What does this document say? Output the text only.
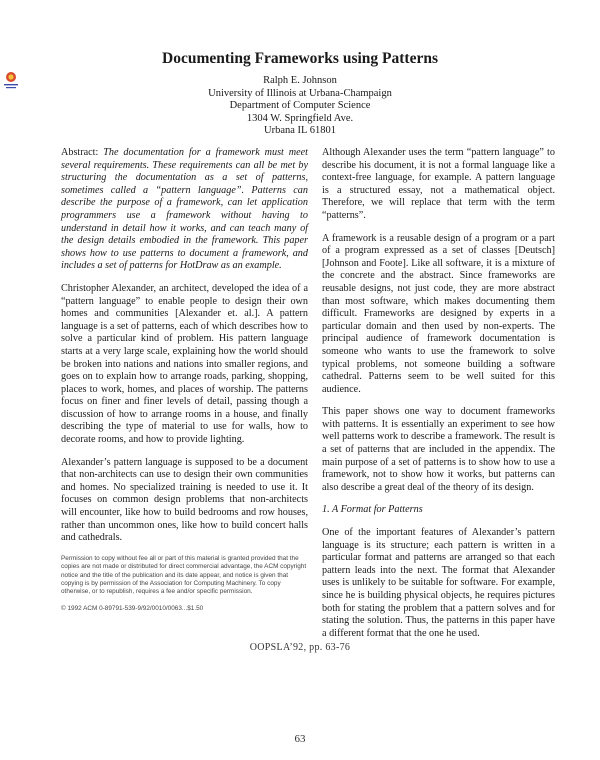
Documenting Frameworks using Patterns
Ralph E. Johnson
University of Illinois at Urbana-Champaign
Department of Computer Science
1304 W. Springfield Ave.
Urbana IL 61801

Abstract: The documentation for a framework must meet several requirements. These requirements can all be met by structuring the documentation as a set of patterns, sometimes called a “pattern language”. Patterns can describe the purpose of a framework, can let application programmers use a framework without having to understand in detail how it works, and can teach many of the design details embodied in the framework. This paper shows how to use patterns to document a framework, and includes a set of patterns for HotDraw as an example.

Christopher Alexander, an architect, developed the idea of a “pattern language” to enable people to design their own homes and communities [Alexander et. al.]. A pattern language is a set of patterns, each of which describes how to solve a particular kind of problem. His pattern language starts at a very large scale, explaining how the world should be broken into nations and nations into smaller regions, and goes on to explain how to arrange roads, parking, shopping, places to work, homes, and places of worship. The patterns focus on finer and finer levels of detail, passing though a discussion of how to arrange rooms in a house, and finally describing the type of material to use for walls, how to decorate rooms, and how to provide lighting.

Alexander’s pattern language is supposed to be a document that non-architects can use to design their own communities and homes. No specialized training is needed to use it. It focuses on common design problems that non-architects will encounter, like how to build bedrooms and row houses, rather than uncommon ones, like how to build concert halls and cathedrals.

Permission to copy without fee all or part of this material is granted provided that the copies are not made or distributed for direct commercial advantage, the ACM copyright notice and the title of the publication and its date appear, and notice is given that copying is by permission of the Association for Computing Machinery. To copy otherwise, or to republish, requires a fee and/or specific permission.
© 1992 ACM 0-89791-539-9/92/0010/0063...$1.50

Although Alexander uses the term “pattern language” to describe his document, it is not a formal language like a context-free language, for example. A pattern language is a structured essay, not a mathematical object. Therefore, we will replace that term with the term “patterns”.

A framework is a reusable design of a program or a part of a program expressed as a set of classes [Deutsch][Johnson and Foote]. Like all software, it is a mixture of the concrete and the abstract. Since frameworks are reusable designs, not just code, they are more abstract than most software, which makes documenting them difficult. Frameworks are designed by experts in a particular domain and then used by non-experts. The principal audience of framework documentation is someone who wants to use the framework to solve typical problems, not someone building a software cathedral. Patterns seem to be well suited for this audience.

This paper shows one way to document frameworks with patterns. It is essentially an experiment to see how well patterns work to describe a framework. The result is a set of patterns that are included in the appendix. The main purpose of a set of patterns is to show how to use a framework, not to show how it works, but patterns can also describe a great deal of the theory of its design.

1. A Format for Patterns

One of the important features of Alexander’s pattern language is its structure; each pattern is written in a particular format and patterns are arranged so that each pattern leads into the next. The format that Alexander uses is unlikely to be suitable for software. For example, since he is building physical objects, he requires pictures both for stating the problem that a pattern solves and for stating the solution. Thus, the patterns in this paper have a different format that the one he used.

OOPSLA’92, pp. 63-76
63
